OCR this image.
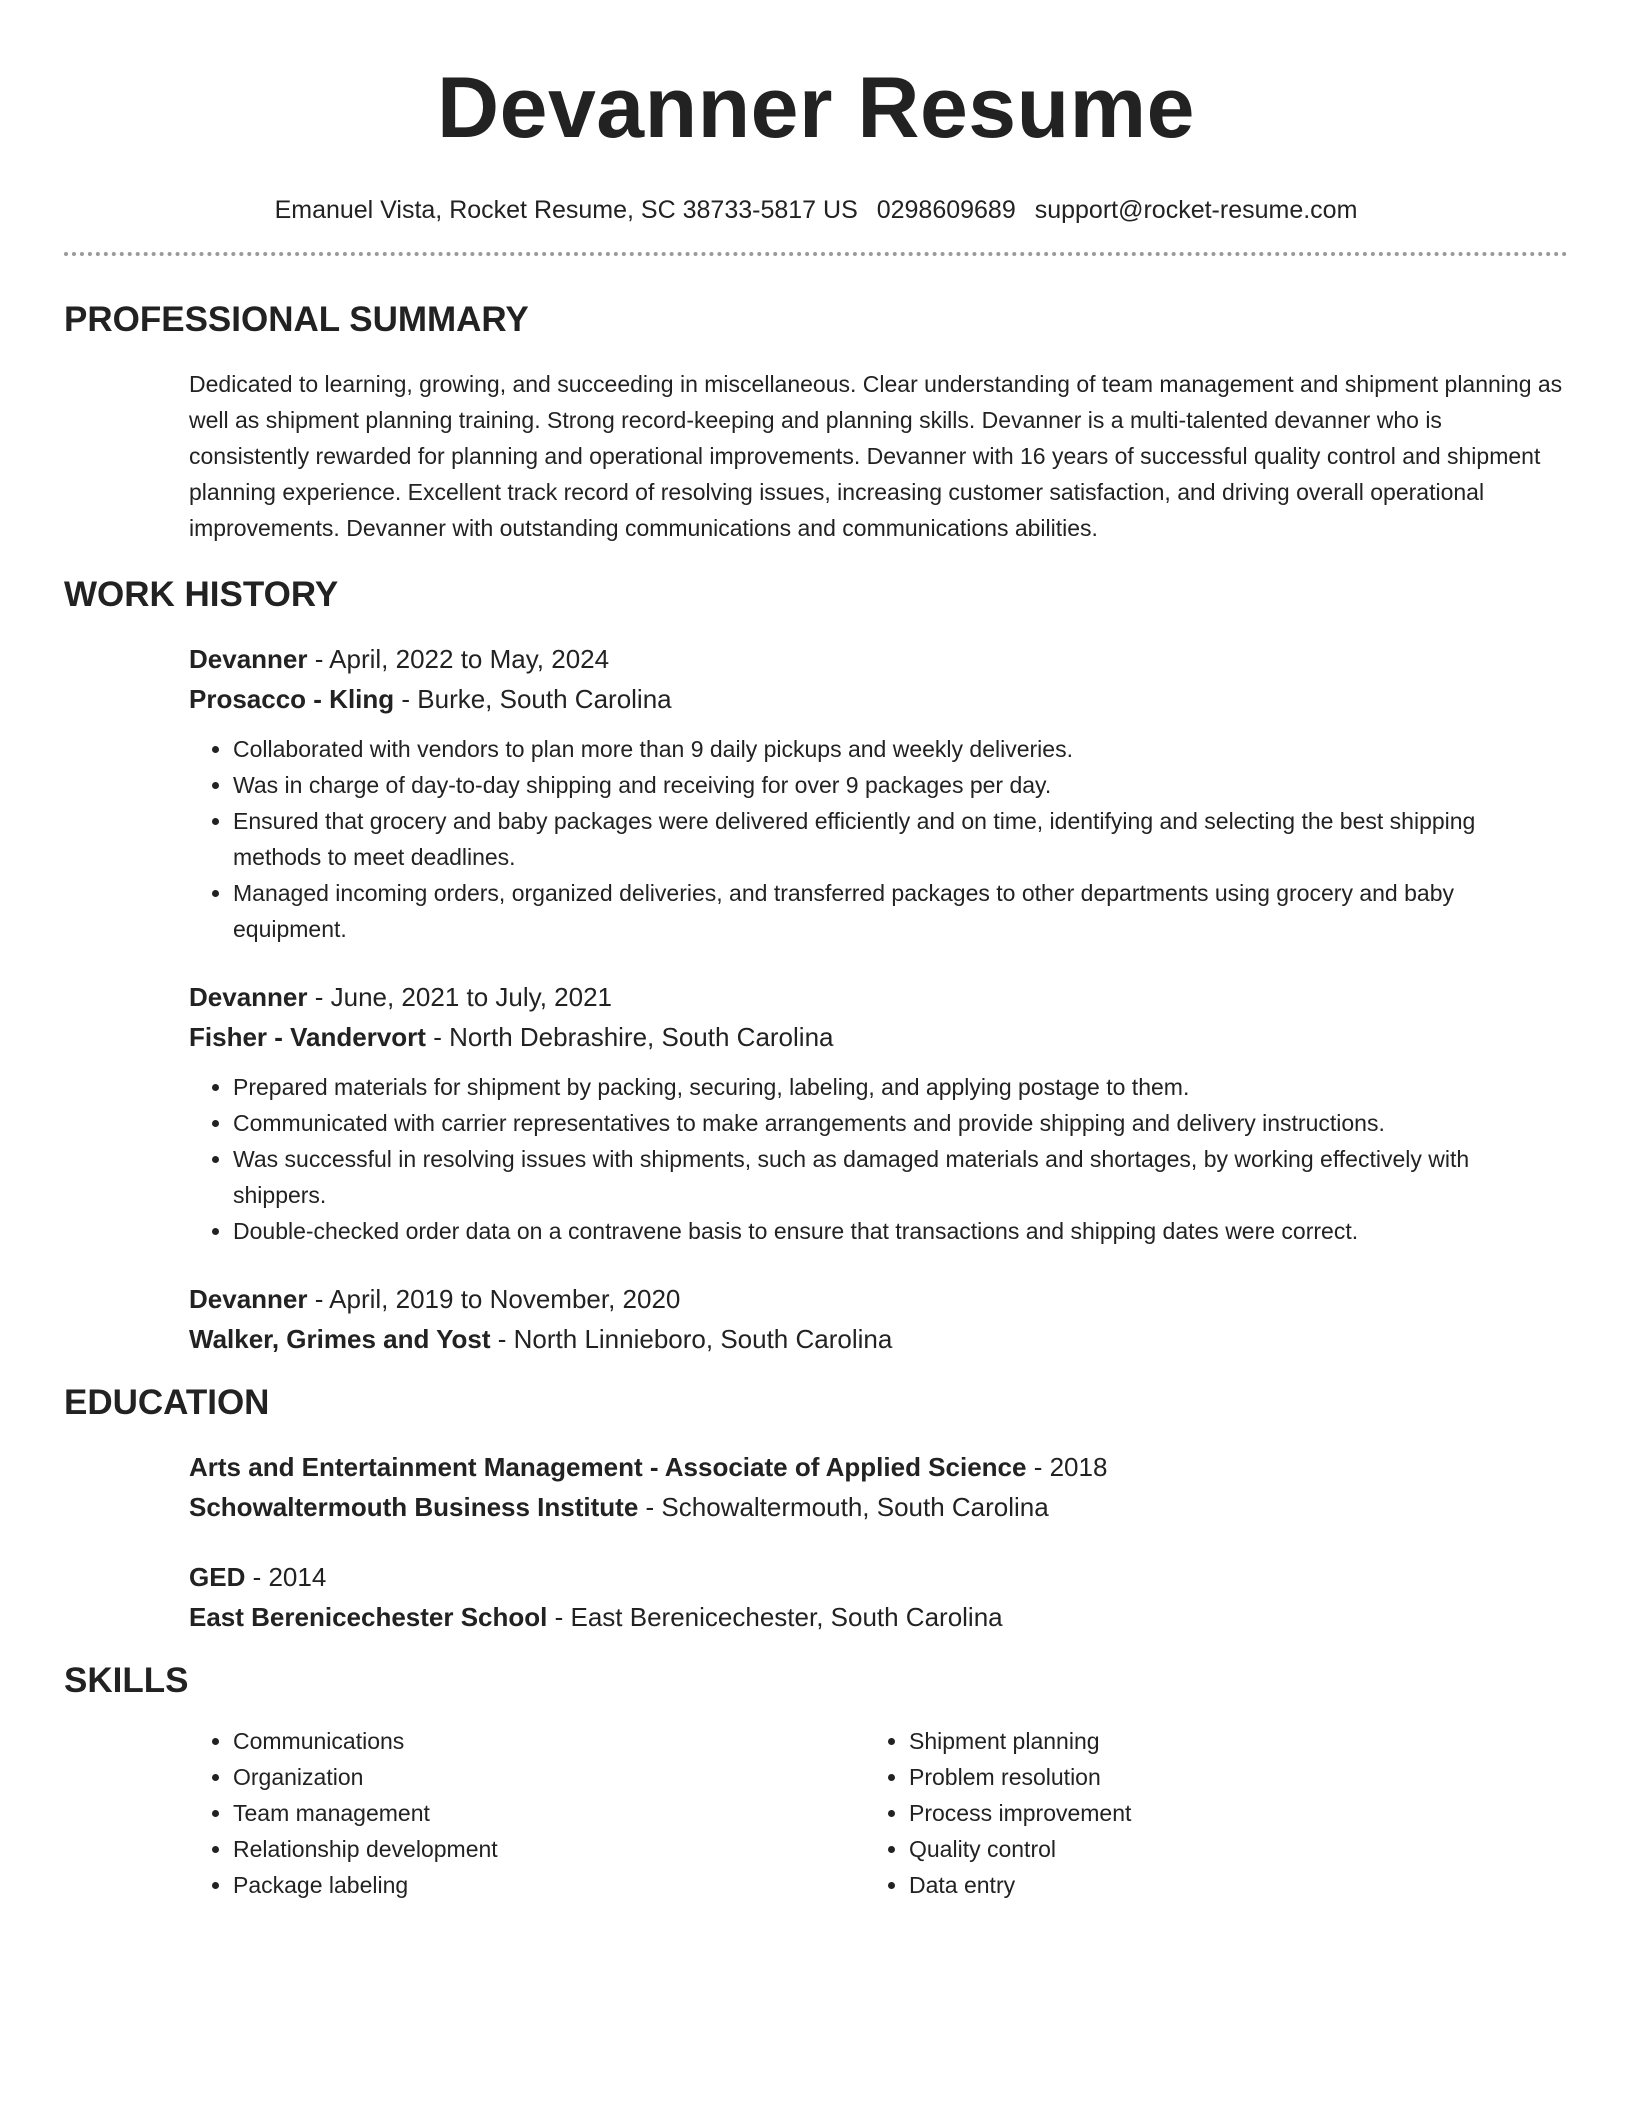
Devanner Resume
Emanuel Vista, Rocket Resume, SC 38733-5817 US 0298609689 support@rocket-resume.com
PROFESSIONAL SUMMARY

Dedicated to learning, growing, and succeeding in miscellaneous. Clear understanding of team management and shipment planning as well as shipment planning training. Strong record-keeping and planning skills. Devanner is a multi-talented devanner who is consistently rewarded for planning and operational improvements. Devanner with 16 years of successful quality control and shipment planning experience. Excellent track record of resolving issues, increasing customer satisfaction, and driving overall operational improvements. Devanner with outstanding communications and communications abilities.

WORK HISTORY
Devanner - April, 2022 to May, 2024
Prosacco - Kling - Burke, South Carolina
• Collaborated with vendors to plan more than 9 daily pickups and weekly deliveries.
• Was in charge of day-to-day shipping and receiving for over 9 packages per day.
• Ensured that grocery and baby packages were delivered efficiently and on time, identifying and selecting the best shipping methods to meet deadlines.
• Managed incoming orders, organized deliveries, and transferred packages to other departments using grocery and baby equipment.
Devanner - June, 2021 to July, 2021
Fisher - Vandervort - North Debrashire, South Carolina
• Prepared materials for shipment by packing, securing, labeling, and applying postage to them.
• Communicated with carrier representatives to make arrangements and provide shipping and delivery instructions.
• Was successful in resolving issues with shipments, such as damaged materials and shortages, by working effectively with shippers.
• Double-checked order data on a contravene basis to ensure that transactions and shipping dates were correct.
Devanner - April, 2019 to November, 2020
Walker, Grimes and Yost - North Linnieboro, South Carolina
EDUCATION
Arts and Entertainment Management - Associate of Applied Science - 2018
Schowaltermouth Business Institute - Schowaltermouth, South Carolina
GED - 2014
East Berenicechester School - East Berenicechester, South Carolina
SKILLS
• Communications
• Organization
• Team management
• Relationship development
• Package labeling
• Shipment planning
• Problem resolution
• Process improvement
• Quality control
• Data entry
